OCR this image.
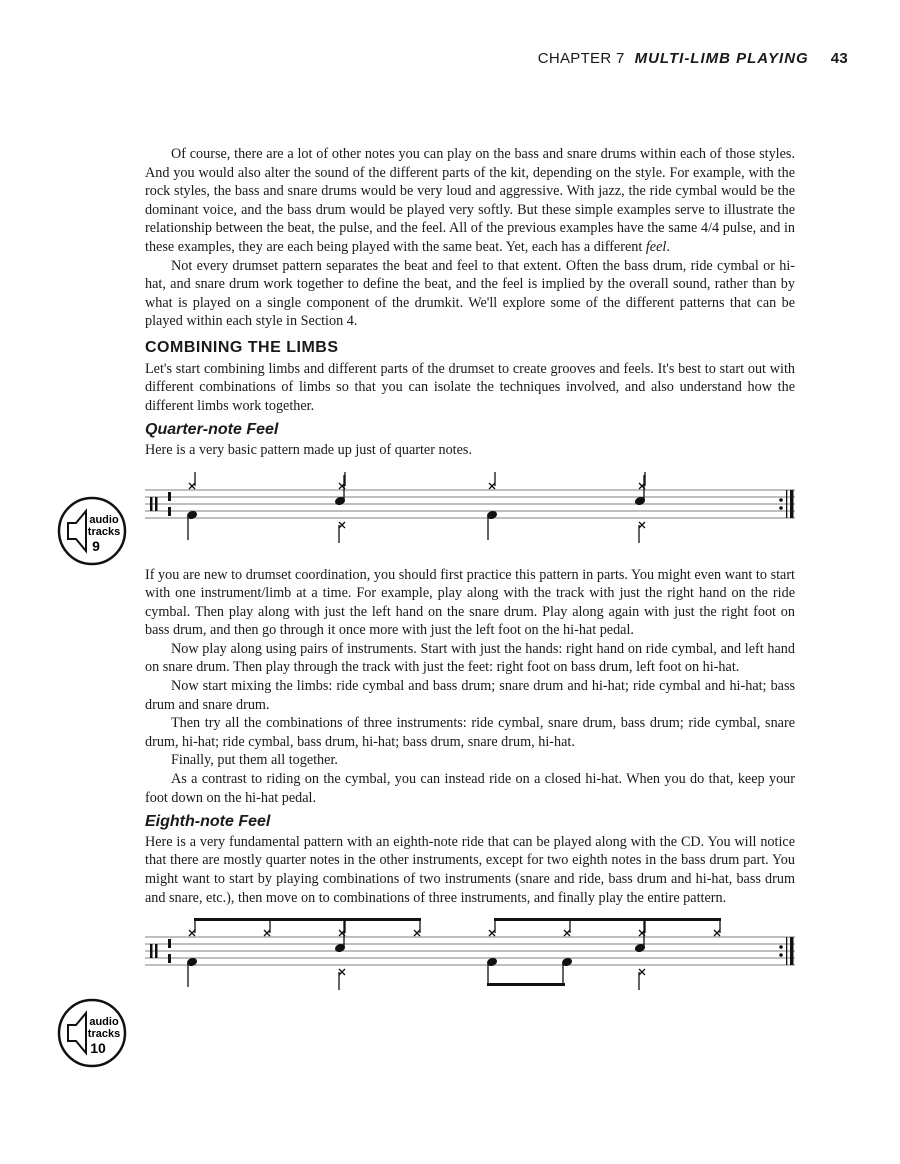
CHAPTER 7 MULTI-LIMB PLAYING 43
audio
tracks
9
audio
tracks
10

Of course, there are a lot of other notes you can play on the bass and snare drums within each of those styles. And you would also alter the sound of the different parts of the kit, depending on the style. For example, with the rock styles, the bass and snare drums would be very loud and aggressive. With jazz, the ride cymbal would be the dominant voice, and the bass drum would be played very softly. But these simple examples serve to illustrate the relationship between the beat, the pulse, and the feel. All of the previous examples have the same 4/4 pulse, and in these examples, they are each being played with the same beat. Yet, each has a different feel.

Not every drumset pattern separates the beat and feel to that extent. Often the bass drum, ride cymbal or hi-hat, and snare drum work together to define the beat, and the feel is implied by the overall sound, rather than by what is played on a single component of the drumkit. We'll explore some of the different patterns that can be played within each style in Section 4.

COMBINING THE LIMBS

Let's start combining limbs and different parts of the drumset to create grooves and feels. It's best to start out with different combinations of limbs so that you can isolate the techniques involved, and also understand how the different limbs work together.

Quarter-note Feel

Here is a very basic pattern made up just of quarter notes.

If you are new to drumset coordination, you should first practice this pattern in parts. You might even want to start with one instrument/limb at a time. For example, play along with the track with just the right hand on the ride cymbal. Then play along with just the left hand on the snare drum. Play along again with just the right foot on bass drum, and then go through it once more with just the left foot on the hi-hat pedal.

Now play along using pairs of instruments. Start with just the hands: right hand on ride cymbal, and left hand on snare drum. Then play through the track with just the feet: right foot on bass drum, left foot on hi-hat.

Now start mixing the limbs: ride cymbal and bass drum; snare drum and hi-hat; ride cymbal and hi-hat; bass drum and snare drum.

Then try all the combinations of three instruments: ride cymbal, snare drum, bass drum; ride cymbal, snare drum, hi-hat; ride cymbal, bass drum, hi-hat; bass drum, snare drum, hi-hat.

Finally, put them all together.

As a contrast to riding on the cymbal, you can instead ride on a closed hi-hat. When you do that, keep your foot down on the hi-hat pedal.

Eighth-note Feel

Here is a very fundamental pattern with an eighth-note ride that can be played along with the CD. You will notice that there are mostly quarter notes in the other instruments, except for two eighth notes in the bass drum part. You might want to start by playing combinations of two instruments (snare and ride, bass drum and hi-hat, bass drum and snare, etc.), then move on to combinations of three instruments, and finally play the entire pattern.
